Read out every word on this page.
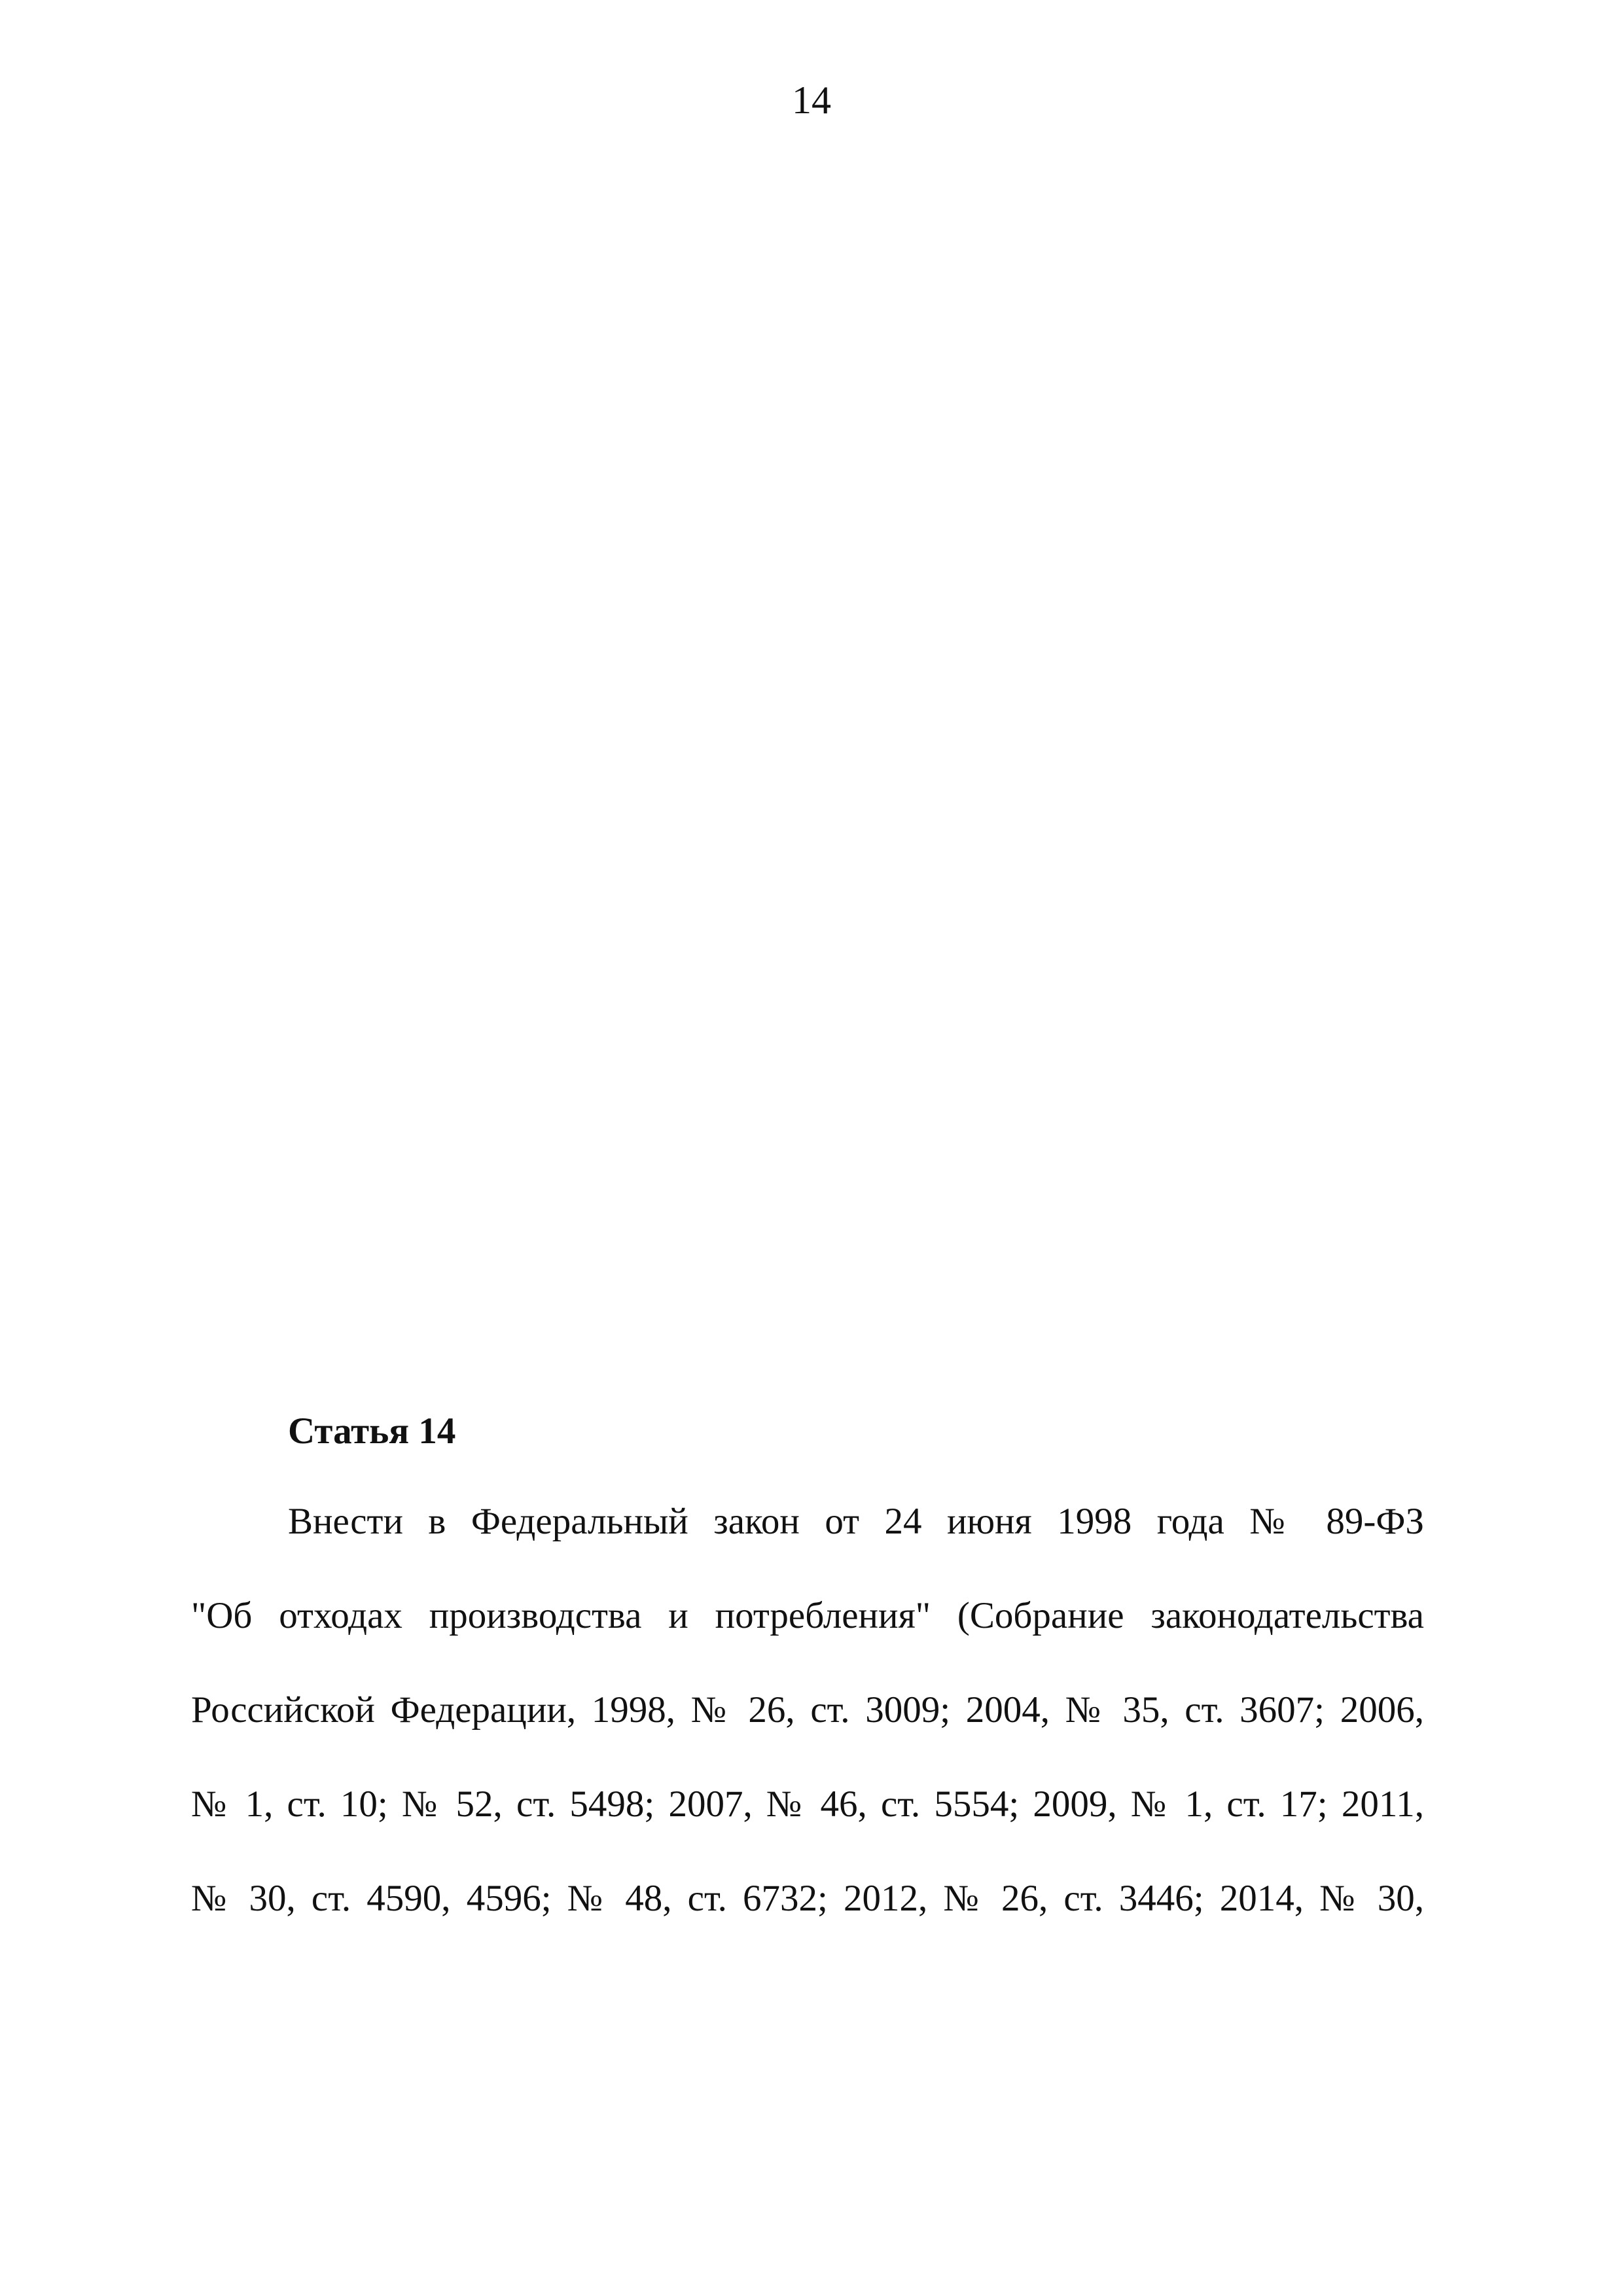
14
Статья 14
Внести в Федеральный закон от 24 июня 1998 года № 89-ФЗ
"Об отходах производства и потребления" (Собрание законодательства
Российской Федерации, 1998, № 26, ст. 3009; 2004, № 35, ст. 3607; 2006,
№ 1, ст. 10; № 52, ст. 5498; 2007, № 46, ст. 5554; 2009, № 1, ст. 17; 2011,
№ 30, ст. 4590, 4596; № 48, ст. 6732; 2012, № 26, ст. 3446; 2014, № 30,
